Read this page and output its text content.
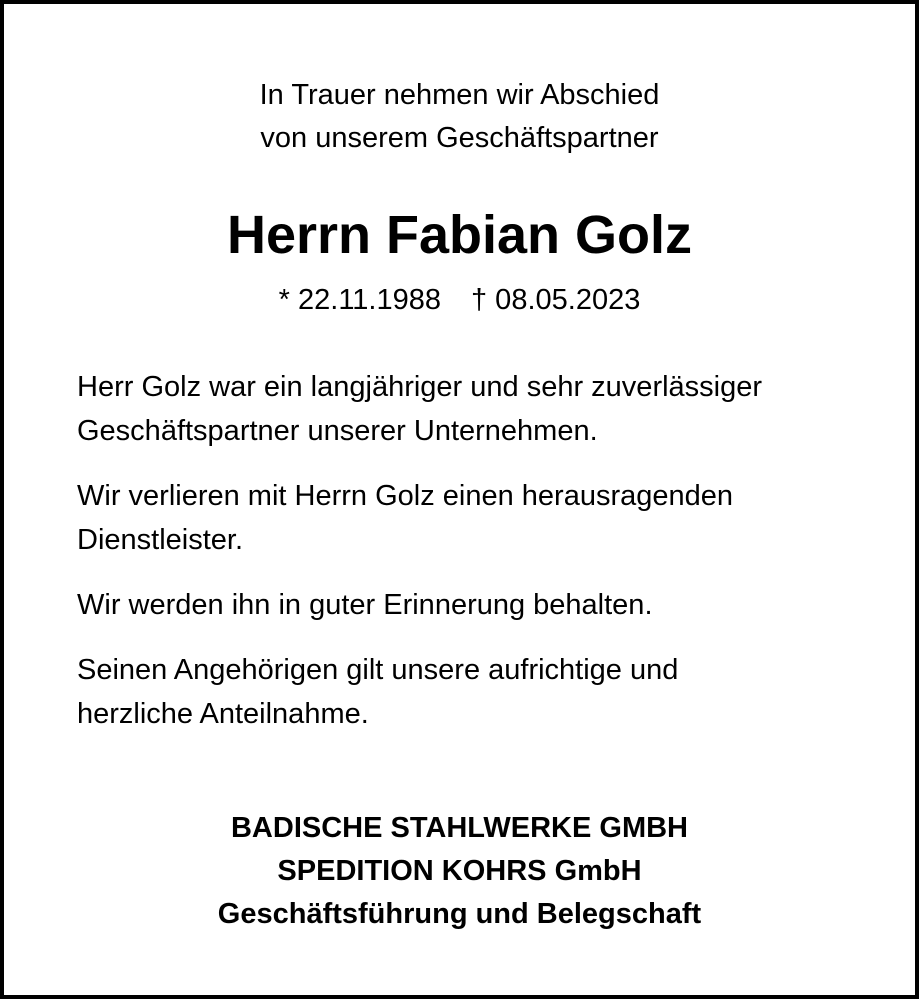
In Trauer nehmen wir Abschied
von unserem Geschäftspartner
Herrn Fabian Golz
* 22.11.1988 † 08.05.2023

Herr Golz war ein langjähriger und sehr zuverlässiger
Geschäftspartner unserer Unternehmen.

Wir verlieren mit Herrn Golz einen herausragenden
Dienstleister.

Wir werden ihn in guter Erinnerung behalten.

Seinen Angehörigen gilt unsere aufrichtige und
herzliche Anteilnahme.

BADISCHE STAHLWERKE GMBH
SPEDITION KOHRS GmbH
Geschäftsführung und Belegschaft
